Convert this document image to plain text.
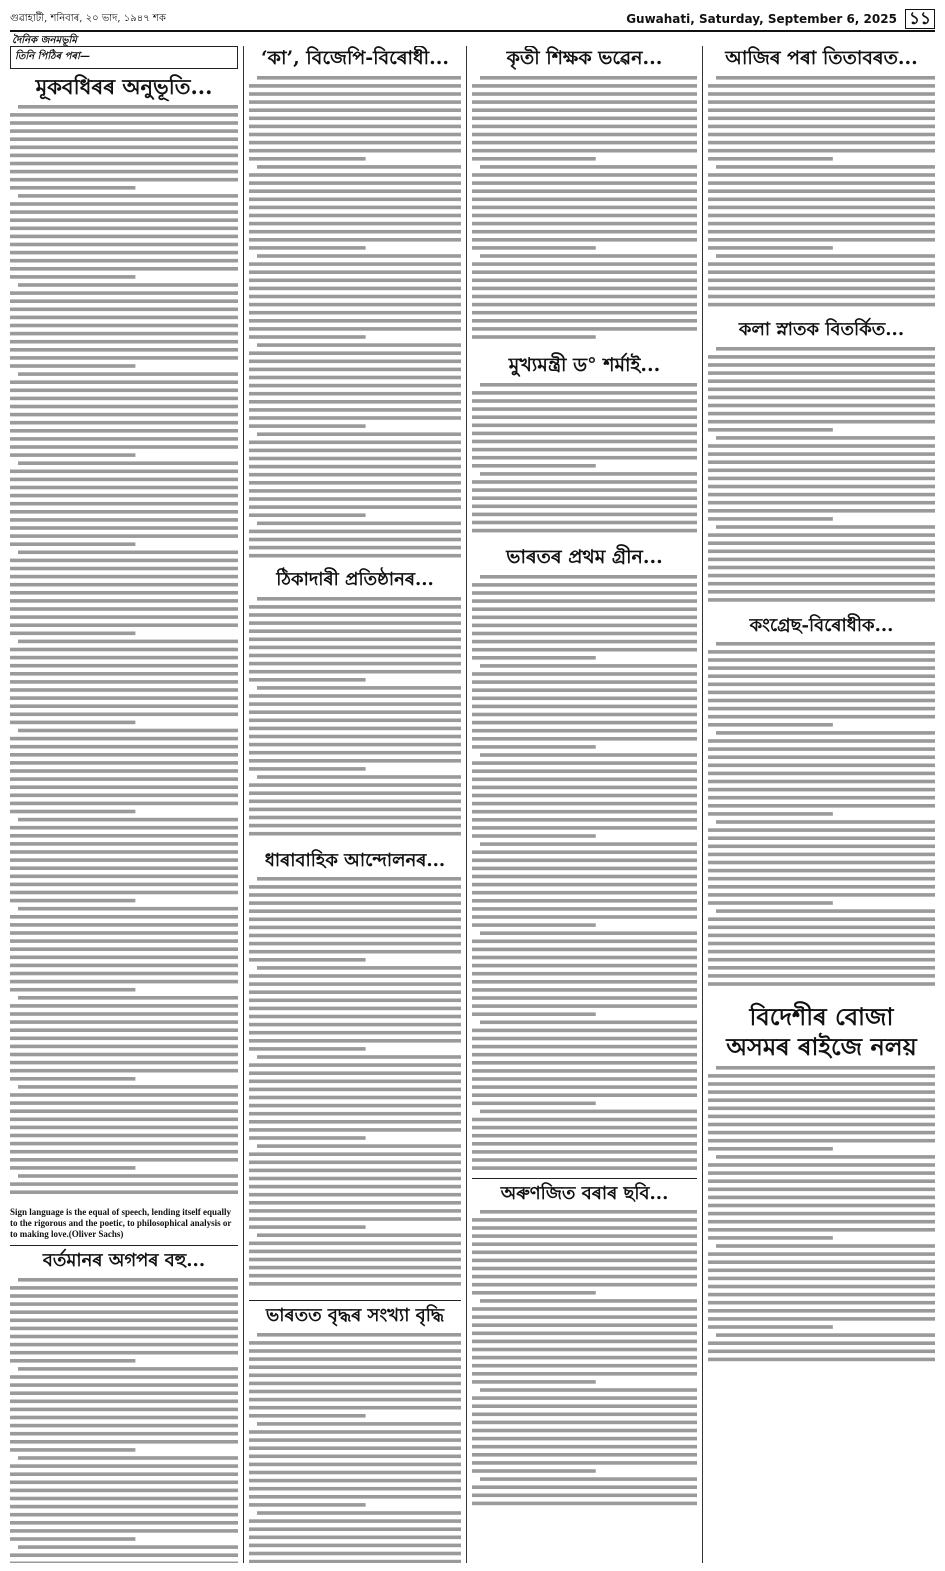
গুৱাহাটী, শনিবাৰ, ২০ ভাদ, ১৯৪৭ শক	Guwahati, Saturday, September 6, 2025 ১১
দৈনিক জনমভূমি
তিনি পিঠিৰ পৰা—
মূকবধিৰৰ অনুভূতি...
Sign language is the equal of speech, lending itself equally to the rigorous and the poetic, to philosophical analysis or to making love.(Oliver Sachs)
বৰ্তমানৰ অগপৰ বহু...
‘কা’, বিজেপি-বিৰোধী...
ঠিকাদাৰী প্ৰতিষ্ঠানৰ...
ধাৰাবাহিক আন্দোলনৰ...
ভাৰতত বৃদ্ধৰ সংখ্যা বৃদ্ধি
কৃতী শিক্ষক ভৱেন...
মুখ্যমন্ত্ৰী ড° শৰ্মাই...
ভাৰতৰ প্ৰথম গ্ৰীন...
অৰুণজিত বৰাৰ ছবি...
আজিৰ পৰা তিতাবৰত...
কলা স্নাতক বিতৰ্কিত...
কংগ্ৰেছ-বিৰোধীক...
বিদেশীৰ বোজা
অসমৰ ৰাইজে নলয়
